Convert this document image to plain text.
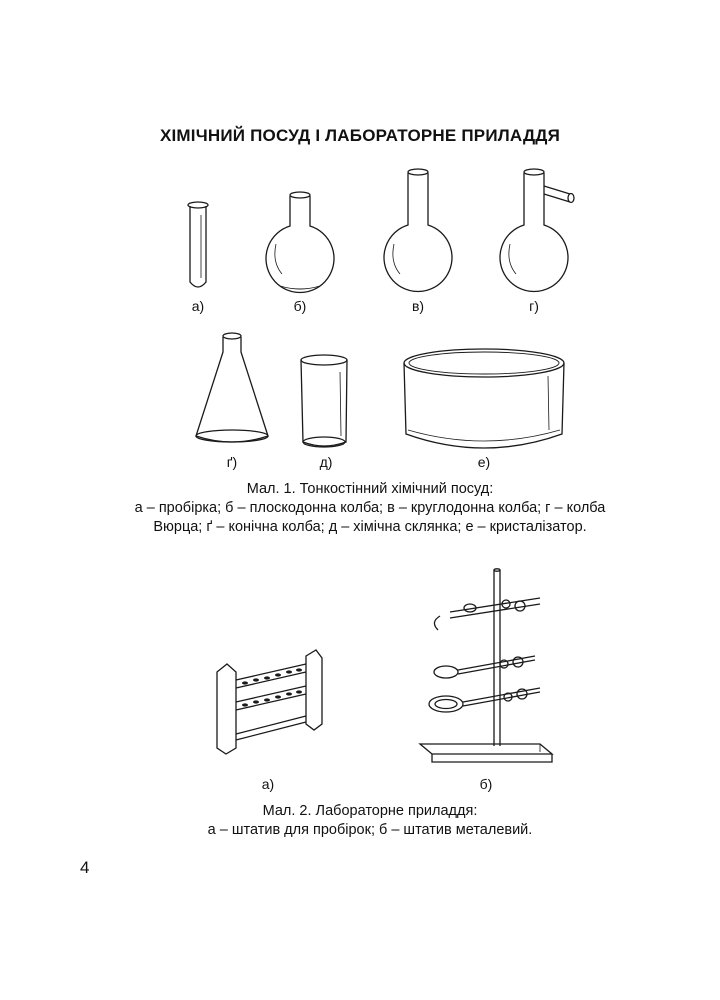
ХІМІЧНИЙ ПОСУД І ЛАБОРАТОРНЕ ПРИЛАДДЯ
а)	б)	в)	г)
ґ)	д)	е)
Мал. 1. Тонкостінний хімічний посуд:
а – пробірка; б – плоскодонна колба; в – круглодонна колба; г – колба
Вюрца; ґ – конічна колба; д – хімічна склянка; е – кристалізатор.
а)	б)
Мал. 2. Лабораторне приладдя:
а – штатив для пробірок; б – штатив металевий.
4
